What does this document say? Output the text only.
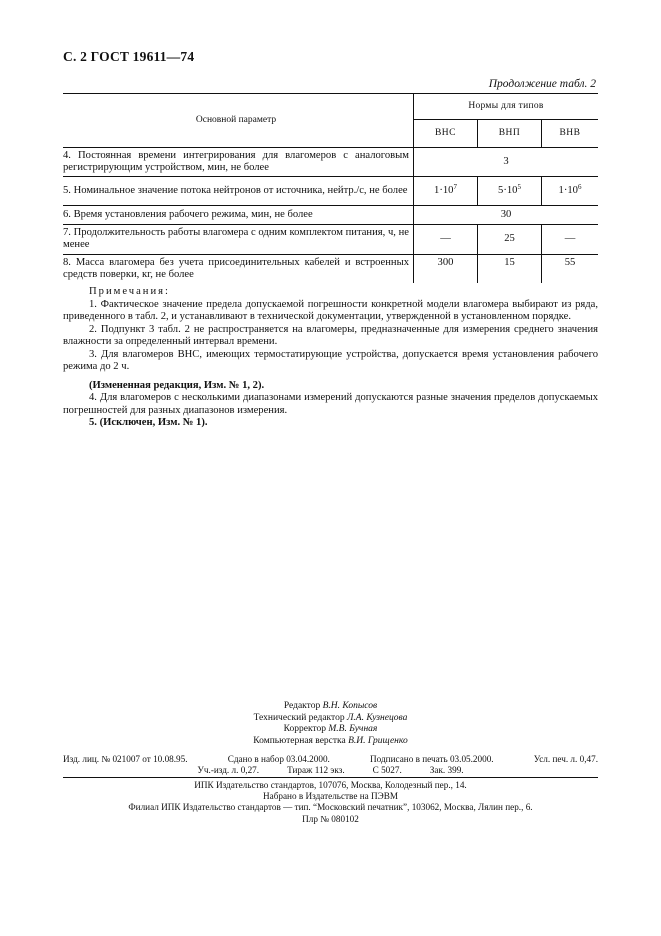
С. 2 ГОСТ 19611—74
Продолжение табл. 2
Основной параметр	Нормы для типов		
	ВНС	ВНП	ВНВ
4. Постоянная времени интегрирования для влагомеров с аналоговым регистрирующим устройством, мин, не более	3		
5. Номинальное значение потока нейтронов от источника, нейтр./с, не более	$1\cdot 10^7$	$5\cdot 10^5$	$1\cdot 10^6$
6. Время установления рабочего режима, мин, не более	30		
7. Продолжительность работы влагомера с одним комплектом питания, ч, не менее	—	25	—
8. Масса влагомера без учета присоединительных кабелей и встроенных средств поверки, кг, не более	300	15	55

Примечания:

1. Фактическое значение предела допускаемой погрешности конкретной модели влагомера выбирают из ряда, приведенного в табл. 2, и устанавливают в технической документации, утвержденной в установленном порядке.

2. Подпункт 3 табл. 2 не распространяется на влагомеры, предназначенные для измерения среднего значения влажности за определенный интервал времени.

3. Для влагомеров ВНС, имеющих термостатирующие устройства, допускается время установления рабочего режима до 2 ч.

(Измененная редакция, Изм. № 1, 2).

4. Для влагомеров с несколькими диапазонами измерений допускаются разные значения пределов допускаемых погрешностей для разных диапазонов измерения.

5. (Исключен, Изм. № 1).

Редактор В.Н. Копысов
Технический редактор Л.А. Кузнецова
Корректор М.В. Бучная
Компьютерная верстка В.И. Грищенко
Изд. лиц. № 021007 от 10.08.95.	Сдано в набор 03.04.2000.	Подписано в печать 03.05.2000.	Усл. печ. л. 0,47.
Уч.-изд. л. 0,27.	Тираж 112 экз.	С 5027.	Зак. 399.
ИПК Издательство стандартов, 107076, Москва, Колодезный пер., 14.
Набрано в Издательстве на ПЭВМ
Филиал ИПК Издательство стандартов — тип. “Московский печатник”, 103062, Москва, Лялин пер., 6.
Плр № 080102
